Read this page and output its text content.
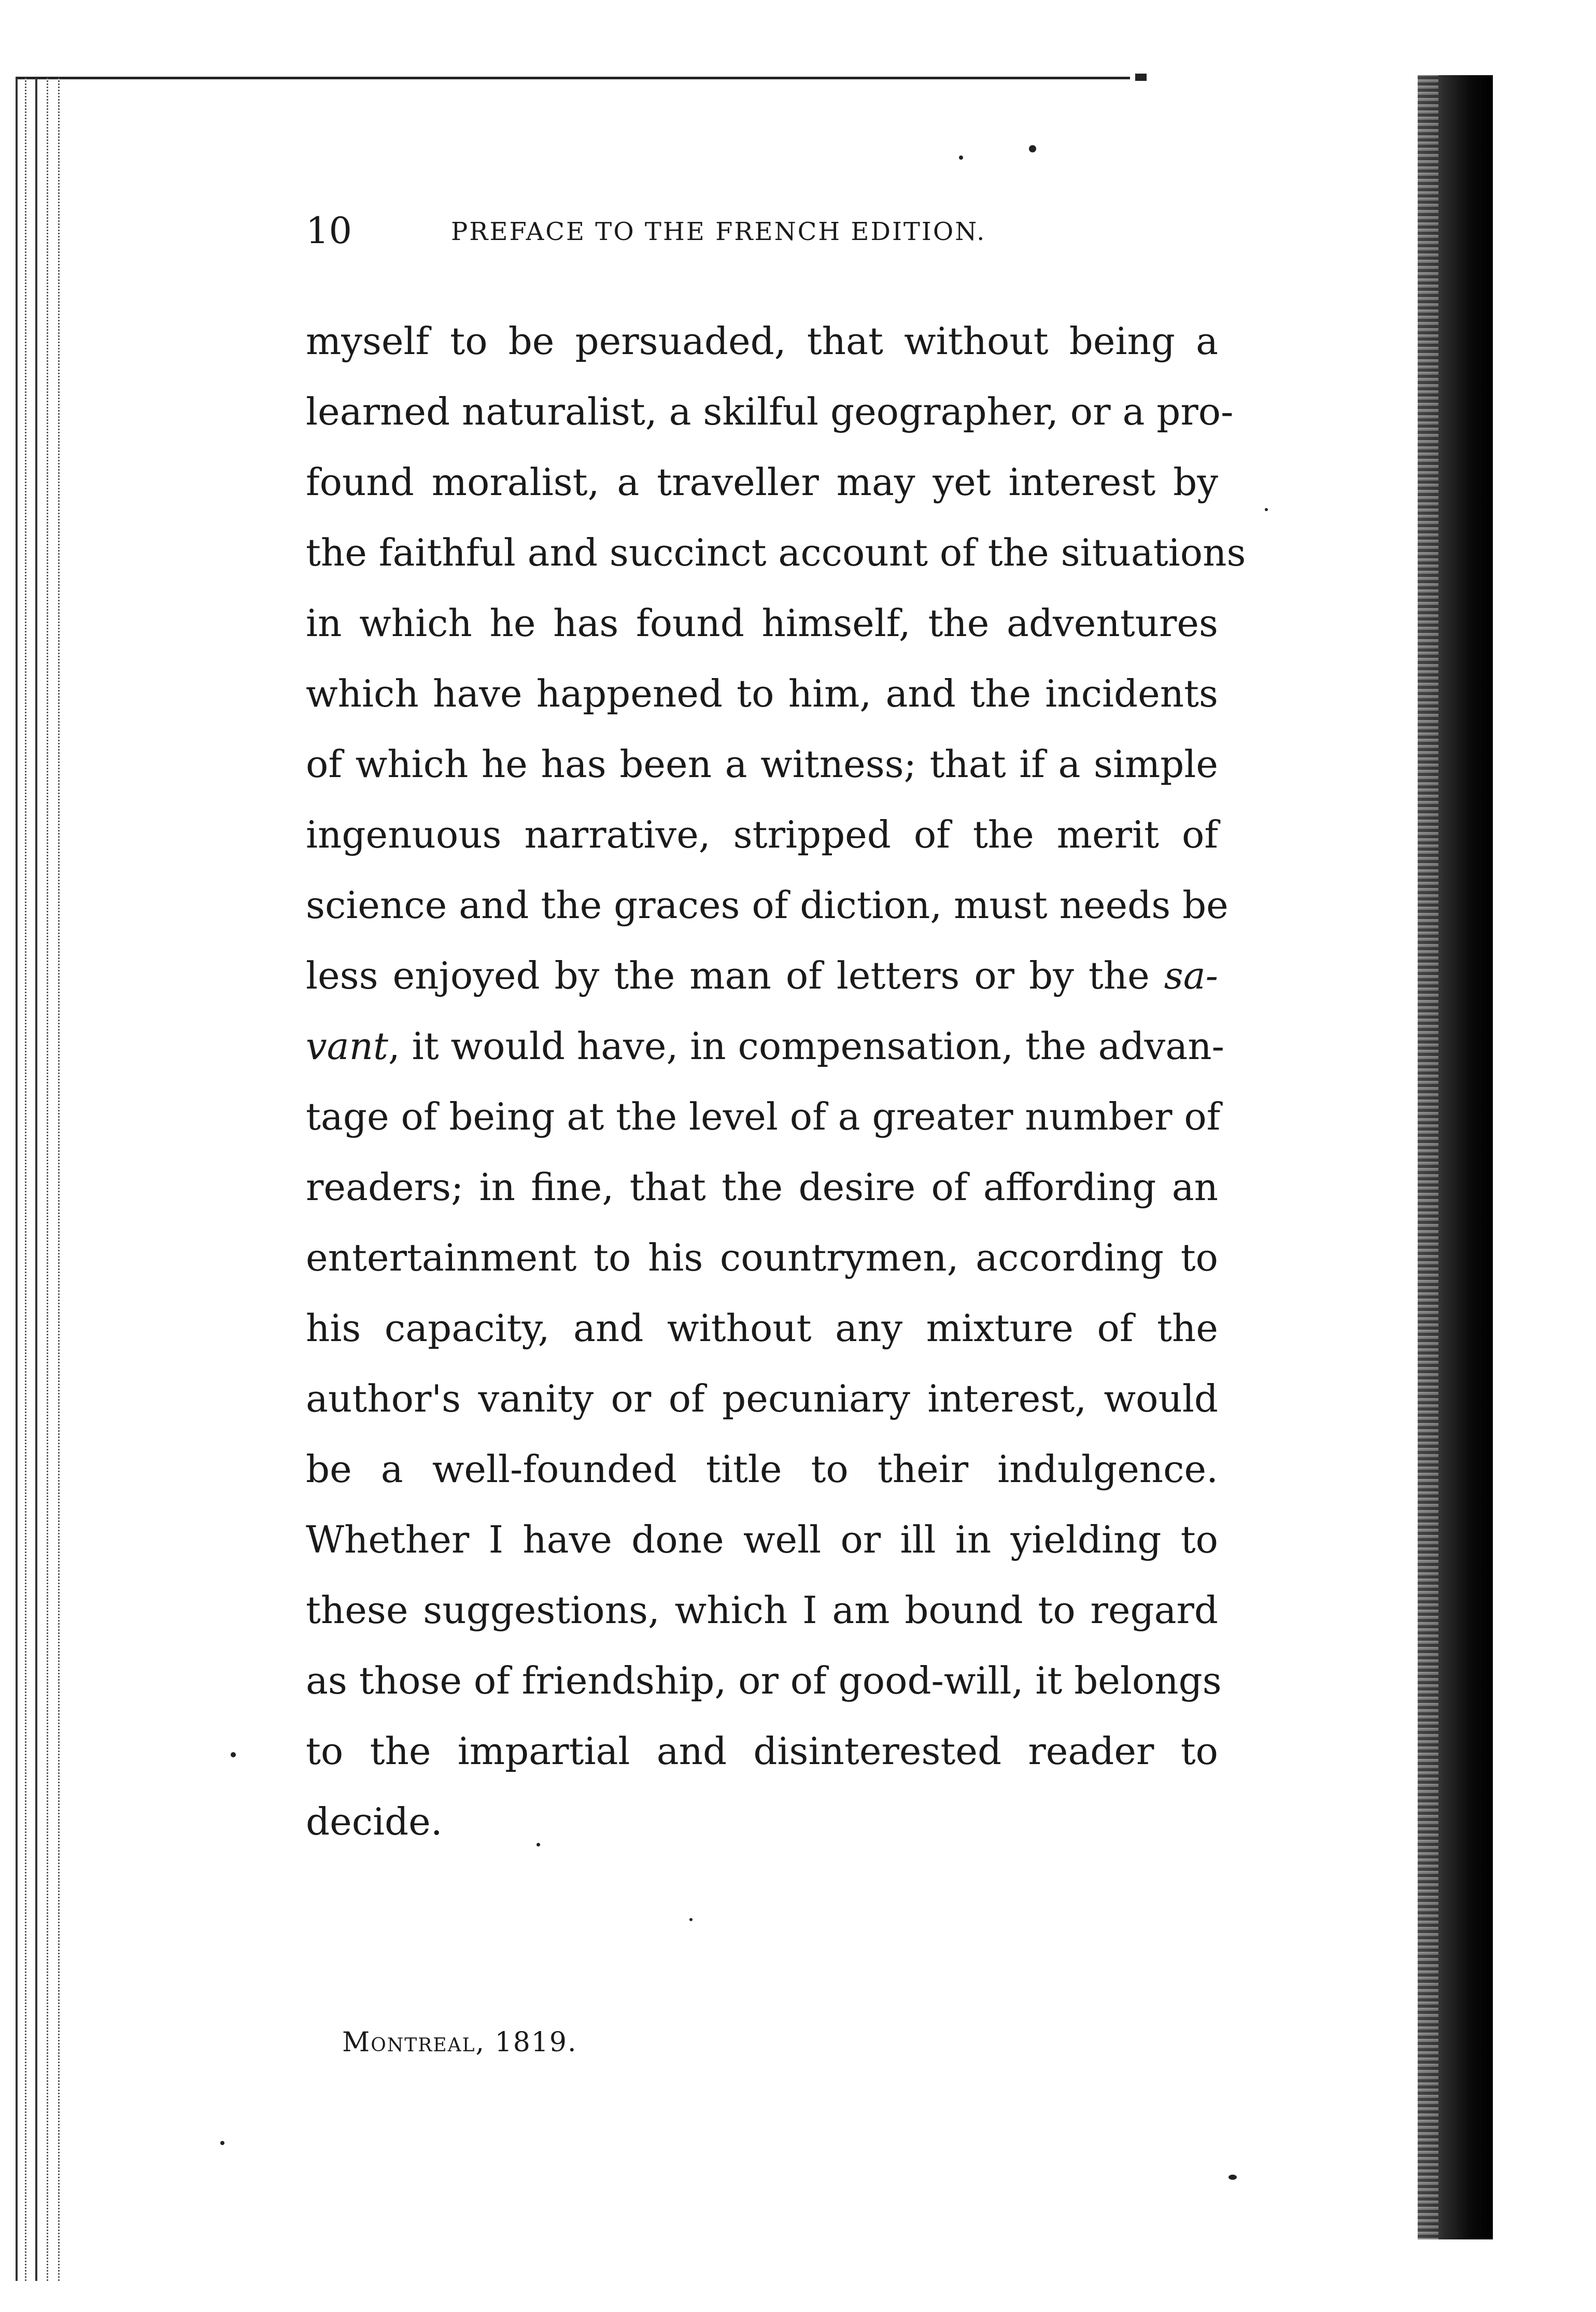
10	PREFACE TO THE FRENCH EDITION.
myself to be persuaded, that without being a
learned naturalist, a skilful geographer, or a pro-
found moralist, a traveller may yet interest by
the faithful and succinct account of the situations
in which he has found himself, the adventures
which have happened to him, and the incidents
of which he has been a witness; that if a simple
ingenuous narrative, stripped of the merit of
science and the graces of diction, must needs be
less enjoyed by the man of letters or by the sa-
vant, it would have, in compensation, the advan-
tage of being at the level of a greater number of
readers; in fine, that the desire of affording an
entertainment to his countrymen, according to
his capacity, and without any mixture of the
author's vanity or of pecuniary interest, would
be a well-founded title to their indulgence.
Whether I have done well or ill in yielding to
these suggestions, which I am bound to regard
as those of friendship, or of good-will, it belongs
to the impartial and disinterested reader to
decide.
Montreal, 1819.
